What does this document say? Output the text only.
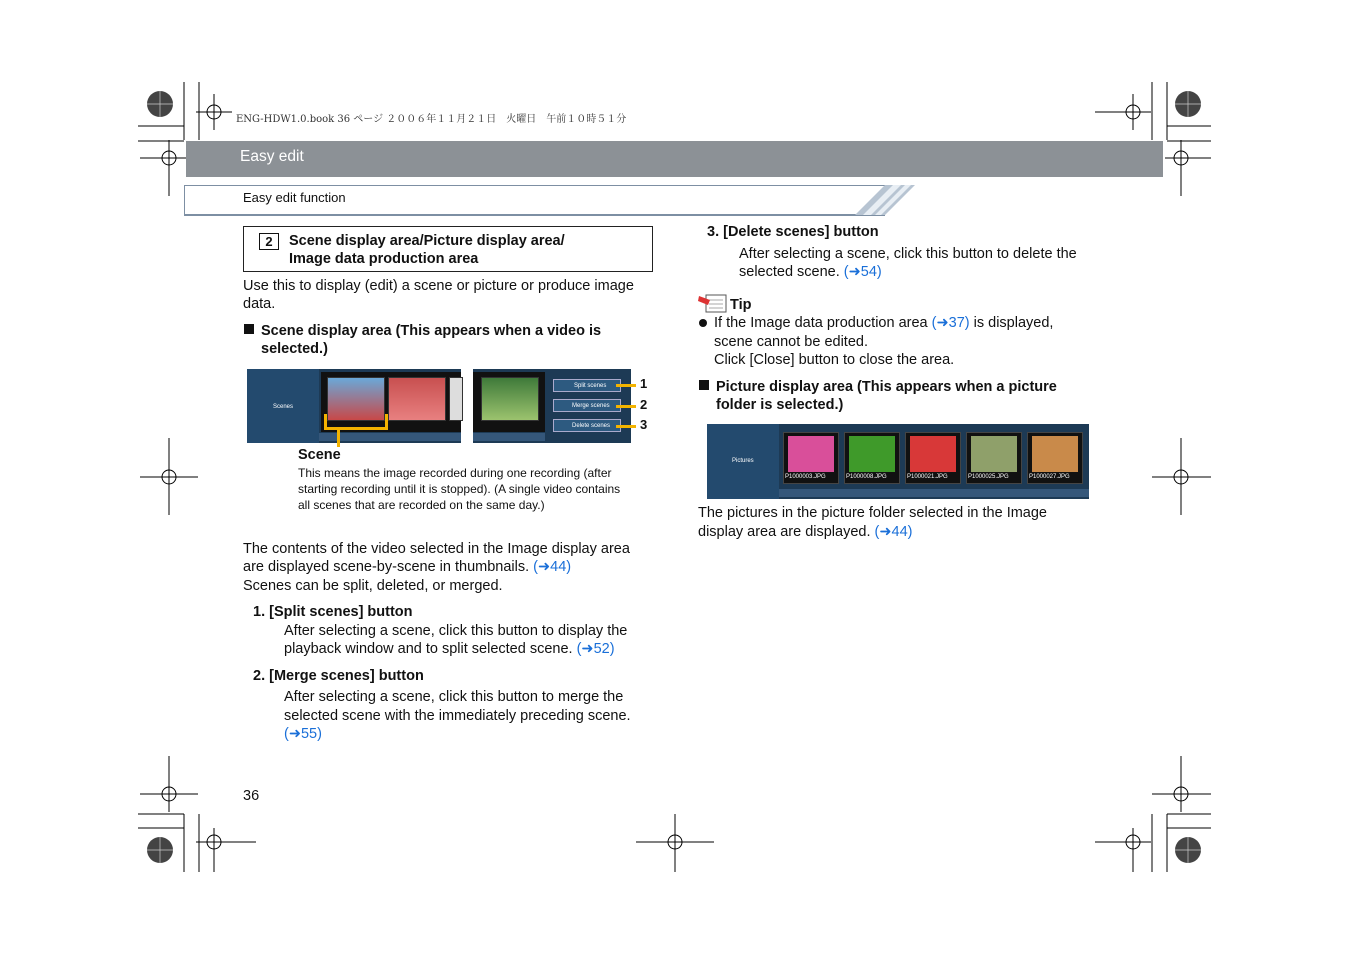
ENG-HDW1.0.book 36 ページ ２００６年１１月２１日　火曜日　午前１０時５１分
Easy edit
Easy edit function
2	Scene display area/Picture display area/
Image data production area
Use this to display (edit) a scene or picture or produce image
data.
Scene display area (This appears when a video is
selected.)
Scenes
Split scenes
Merge scenes
Delete scenes
1
2
3
Scene
This means the image recorded during one recording (after
starting recording until it is stopped). (A single video contains
all scenes that are recorded on the same day.)
The contents of the video selected in the Image display area
are displayed scene-by-scene in thumbnails. (➜44)
Scenes can be split, deleted, or merged.
1. [Split scenes] button
After selecting a scene, click this button to display the
playback window and to split selected scene. (➜52)
2. [Merge scenes] button
After selecting a scene, click this button to merge the
selected scene with the immediately preceding scene.
(➜55)
36
3. [Delete scenes] button
After selecting a scene, click this button to delete the
selected scene. (➜54)
Tip
If the Image data production area (➜37) is displayed,
scene cannot be edited.
Click [Close] button to close the area.
Picture display area (This appears when a picture
folder is selected.)
Pictures
P1000003.JPG	P1000008.JPG	P1000021.JPG	P1000025.JPG	P1000027.JPG
The pictures in the picture folder selected in the Image
display area are displayed. (➜44)
